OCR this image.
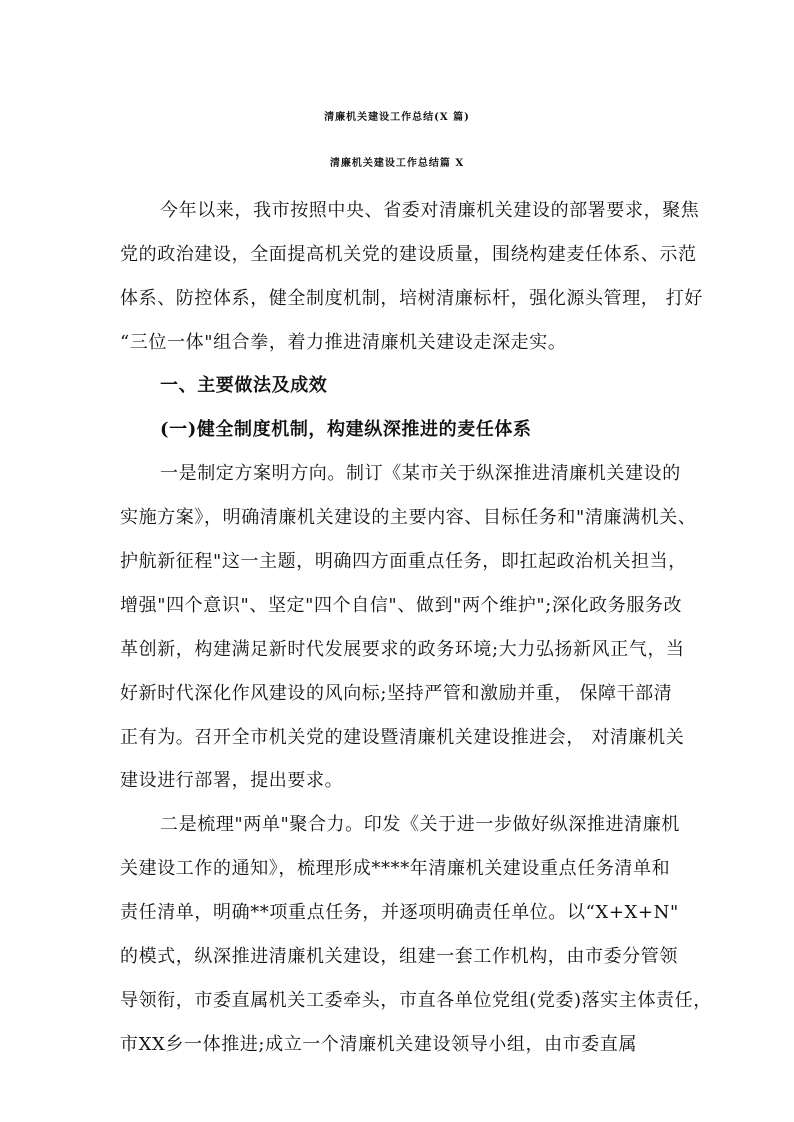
清廉机关建设工作总结(X 篇)
清廉机关建设工作总结篇 X
今年以来，我市按照中央、省委对清廉机关建设的部署要求，聚焦
党的政治建设，全面提高机关党的建设质量，围绕构建麦任体系、示范
体系、防控体系，健全制度机制，培树清廉标杆，强化源头管理， 打好
“三位一体"组合拳，着力推进清廉机关建设走深走实。
一、主要做法及成效
(一)健全制度机制，构建纵深推进的麦任体系
一是制定方案明方向。制订《某市关于纵深推进清廉机关建设的
实施方案》，明确清廉机关建设的主要内容、目标任务和"清廉满机关、
护航新征程"这一主题，明确四方面重点任务，即扛起政治机关担当，
增强"四个意识"、坚定"四个自信"、做到"两个维护";深化政务服务改
革创新，构建满足新时代发展要求的政务环境;大力弘扬新风正气，当
好新时代深化作风建设的风向标;坚持严管和激励并重， 保障干部清
正有为。召开全市机关党的建设暨清廉机关建设推进会， 对清廉机关
建设进行部署，提出要求。
二是梳理"两单"聚合力。印发《关于进一步做好纵深推进清廉机
关建设工作的通知》，梳理形成****年清廉机关建设重点任务清单和
责任清单，明确**项重点任务，并逐项明确责任单位。以“X+X+N"
的模式，纵深推进清廉机关建设，组建一套工作机构，由市委分管领
导领衔，市委直属机关工委牵头，市直各单位党组(党委)落实主体责任，
市XX乡一体推进;成立一个清廉机关建设领导小组，由市委直属
